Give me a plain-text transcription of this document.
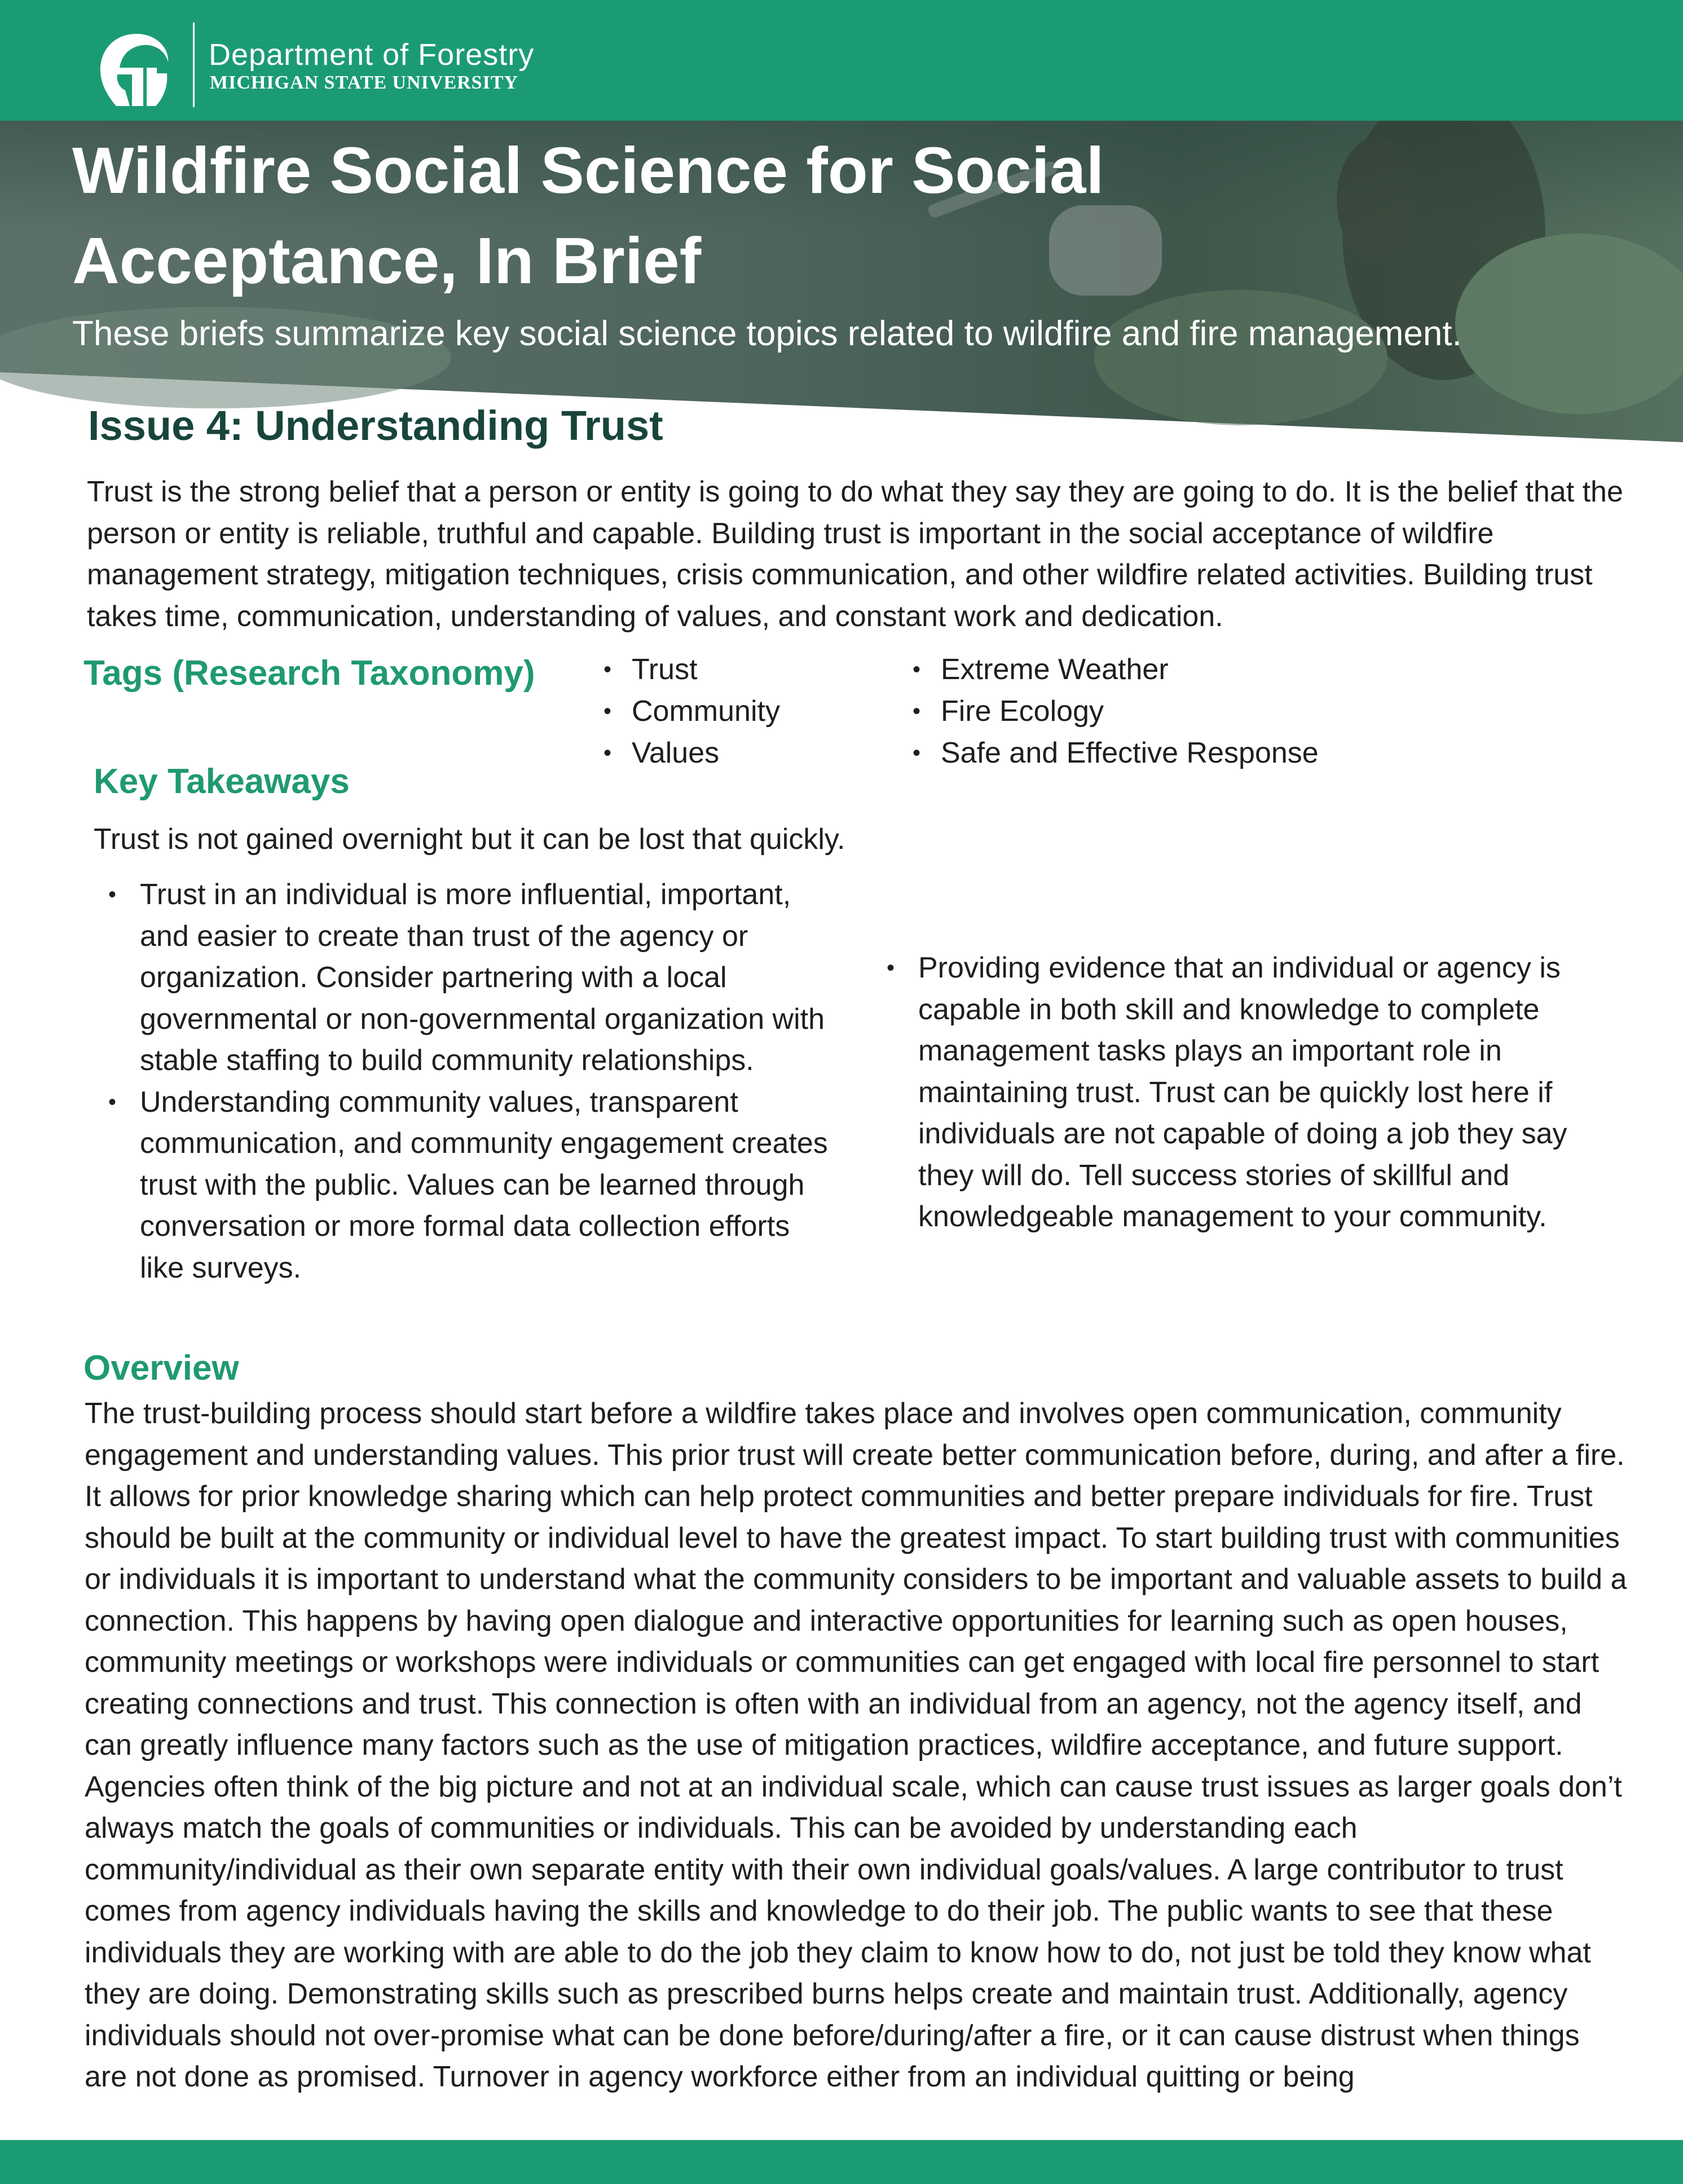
Department of Forestry
MICHIGAN STATE UNIVERSITY
Wildfire Social Science for Social Acceptance, In Brief
These briefs summarize key social science topics related to wildfire and fire management.
Issue 4: Understanding Trust

Trust is the strong belief that a person or entity is going to do what they say they are going to do. It is the belief that the person or entity is reliable, truthful and capable. Building trust is important in the social acceptance of wildfire management strategy, mitigation techniques, crisis communication, and other wildfire related activities. Building trust takes time, communication, understanding of values, and constant work and dedication.

Tags (Research Taxonomy)
•	Trust
• Community
• Values
• Extreme Weather
• Fire Ecology
• Safe and Effective Response
Key Takeaways
Trust is not gained overnight but it can be lost that quickly.
• Trust in an individual is more influential, important, and easier to create than trust of the agency or organization. Consider partnering with a local governmental or non-governmental organization with stable staffing to build community relationships.
• Understanding community values, transparent communication, and community engagement creates trust with the public. Values can be learned through conversation or more formal data collection efforts like surveys.
• Providing evidence that an individual or agency is capable in both skill and knowledge to complete management tasks plays an important role in maintaining trust. Trust can be quickly lost here if individuals are not capable of doing a job they say they will do. Tell success stories of skillful and knowledgeable management to your community.
Overview

The trust-building process should start before a wildfire takes place and involves open communication, community engagement and understanding values. This prior trust will create better communication before, during, and after a fire. It allows for prior knowledge sharing which can help protect communities and better prepare individuals for fire. Trust should be built at the community or individual level to have the greatest impact. To start building trust with communities or individuals it is important to understand what the community considers to be important and valuable assets to build a connection. This happens by having open dialogue and interactive opportunities for learning such as open houses, community meetings or workshops were individuals or communities can get engaged with local fire personnel to start creating connections and trust. This connection is often with an individual from an agency, not the agency itself, and can greatly influence many factors such as the use of mitigation practices, wildfire acceptance, and future support. Agencies often think of the big picture and not at an individual scale, which can cause trust issues as larger goals don’t always match the goals of communities or individuals. This can be avoided by understanding each community/individual as their own separate entity with their own individual goals/values. A large contributor to trust comes from agency individuals having the skills and knowledge to do their job. The public wants to see that these individuals they are working with are able to do the job they claim to know how to do, not just be told they know what they are doing. Demonstrating skills such as prescribed burns helps create and maintain trust. Additionally, agency individuals should not over-promise what can be done before/during/after a fire, or it can cause distrust when things are not done as promised. Turnover in agency workforce either from an individual quitting or being
